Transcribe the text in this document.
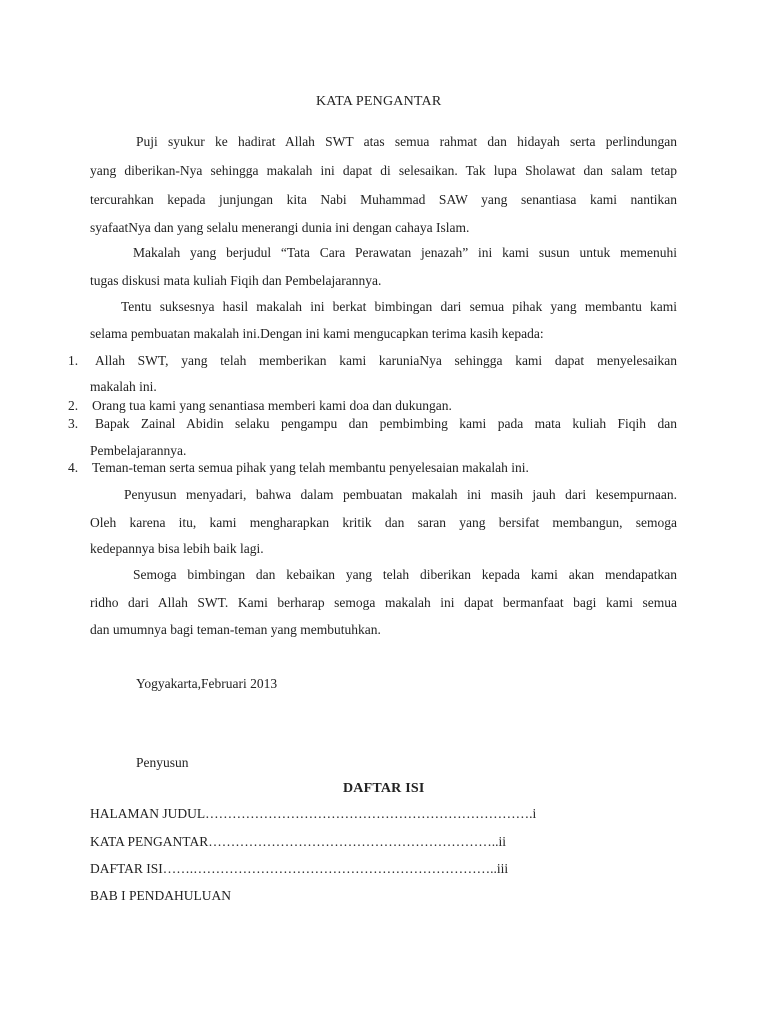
KATA PENGANTAR
Puji syukur ke hadirat Allah SWT atas semua rahmat dan hidayah serta perlindungan
yang diberikan-Nya sehingga makalah ini dapat di selesaikan. Tak lupa Sholawat dan salam tetap
tercurahkan kepada junjungan kita Nabi Muhammad SAW yang senantiasa kami nantikan
syafaatNya dan yang selalu menerangi dunia ini dengan cahaya Islam.
Makalah yang berjudul “Tata Cara Perawatan jenazah” ini kami susun untuk memenuhi
tugas diskusi mata kuliah Fiqih dan Pembelajarannya.
Tentu suksesnya hasil makalah ini berkat bimbingan dari semua pihak yang membantu kami
selama pembuatan makalah ini.Dengan ini kami mengucapkan terima kasih kepada:
1. Allah SWT, yang telah memberikan kami karuniaNya sehingga kami dapat menyelesaikan
makalah ini.
2. Orang tua kami yang senantiasa memberi kami doa dan dukungan.
3. Bapak Zainal Abidin selaku pengampu dan pembimbing kami pada mata kuliah Fiqih dan
Pembelajarannya.
4. Teman-teman serta semua pihak yang telah membantu penyelesaian makalah ini.
Penyusun menyadari, bahwa dalam pembuatan makalah ini masih jauh dari kesempurnaan.
Oleh karena itu, kami mengharapkan kritik dan saran yang bersifat membangun, semoga
kedepannya bisa lebih baik lagi.
Semoga bimbingan dan kebaikan yang telah diberikan kepada kami akan mendapatkan
ridho dari Allah SWT. Kami berharap semoga makalah ini dapat bermanfaat bagi kami semua
dan umumnya bagi teman-teman yang membutuhkan.
Yogyakarta,Februari 2013
Penyusun
DAFTAR ISI
HALAMAN JUDUL……………………………………………………………….i
KATA PENGANTAR………………………………………………………..ii
DAFTAR ISI…….…………………………………………………………..iii
BAB I PENDAHULUAN
